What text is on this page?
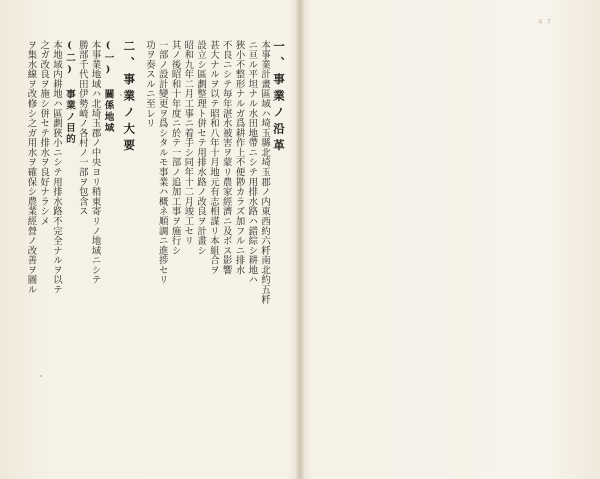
一、事業ノ沿革
本事業計畫區域ハ埼玉縣北埼玉郡ノ内東西約六粁南北約五粁
ニ亘ル平坦ナル水田地帶ニシテ用排水路ハ錯綜シ耕地ハ
狹小不整形ナルガ爲耕作上不便尠カラズ加フルニ排水
不良ニシテ毎年湛水被害ヲ蒙リ農家經濟ニ及ボス影響
甚大ナルヲ以テ昭和八年十月地元有志相謀リ本組合ヲ
設立シ區劃整理ト併セテ用排水路ノ改良ヲ計畫シ
昭和九年二月工事ニ着手シ同年十二月竣工セリ
其ノ後昭和十年度ニ於テ一部ノ追加工事ヲ施行シ
一部ノ設計變更ヲ爲シタルモ事業ハ概ネ順調ニ進捗セリ
功ヲ奏スルニ至レリ
二、事業ノ大要
(一) 關係地域
本事業地域ハ北埼玉郡ノ中央ヨリ稍東寄リノ地域ニシテ
勝部千代田伊勢崎ノ各村ノ一部ヲ包含ス
(二) 事業ノ目的
本地域内耕地ハ區劃狹小ニシテ用排水路不完全ナルヲ以テ
之ガ改良ヲ施シ併セテ排水ヲ良好ナラシメ
ヲ集水線ヲ改修シ之ガ用水ヲ確保シ農業經營ノ改善ヲ圖ル
4 7
